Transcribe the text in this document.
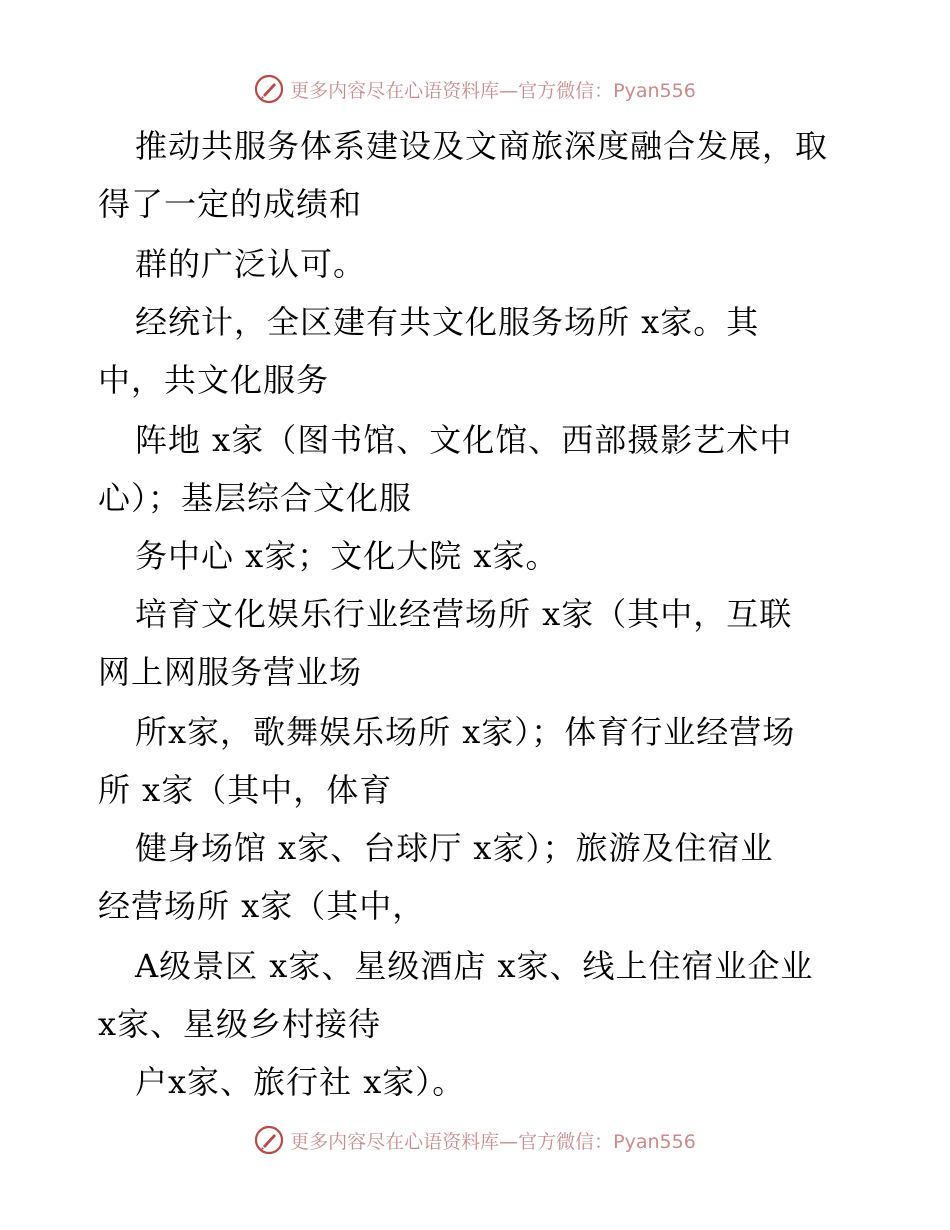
更多内容尽在心语资料库—官方微信：Pyan556
推动共服务体系建设及文商旅深度融合发展，取
得了一定的成绩和
群的广泛认可。
经统计，全区建有共文化服务场所 x家。其
中，共文化服务
阵地 x家（图书馆、文化馆、西部摄影艺术中
心）；基层综合文化服
务中心 x家；文化大院 x家。
培育文化娱乐行业经营场所 x家（其中，互联
网上网服务营业场
所x家，歌舞娱乐场所 x家）；体育行业经营场
所 x家（其中，体育
健身场馆 x家、台球厅 x家）；旅游及住宿业
经营场所 x家（其中，
A级景区 x家、星级酒店 x家、线上住宿业企业
x家、星级乡村接待
户x家、旅行社 x家）。
更多内容尽在心语资料库—官方微信：Pyan556
